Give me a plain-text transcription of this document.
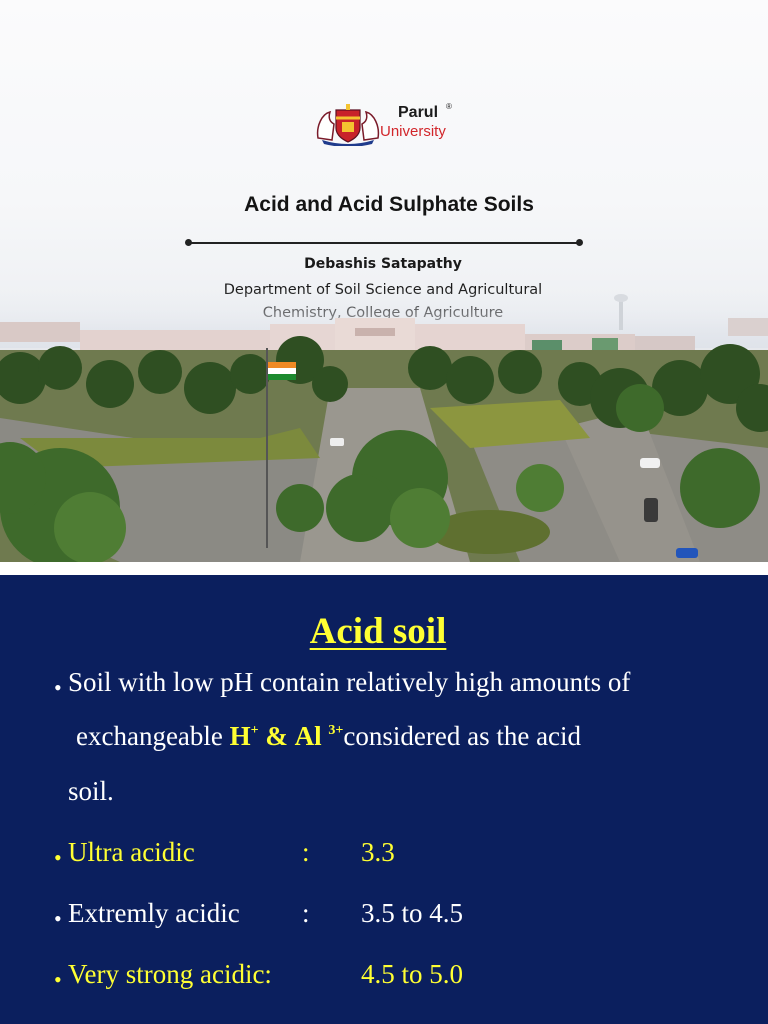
Parul ®
University
Acid and Acid Sulphate Soils
Debashis Satapathy
Acid soil
• Soil with low pH contain relatively high amounts of
exchangeable H+ & Al $^{3+}$considered as the acid
soil.
• Ultra acidic	: 3.3
• Extremly acidic : 3.5 to 4.5
• Very strong acidic:	4.5 to 5.0
